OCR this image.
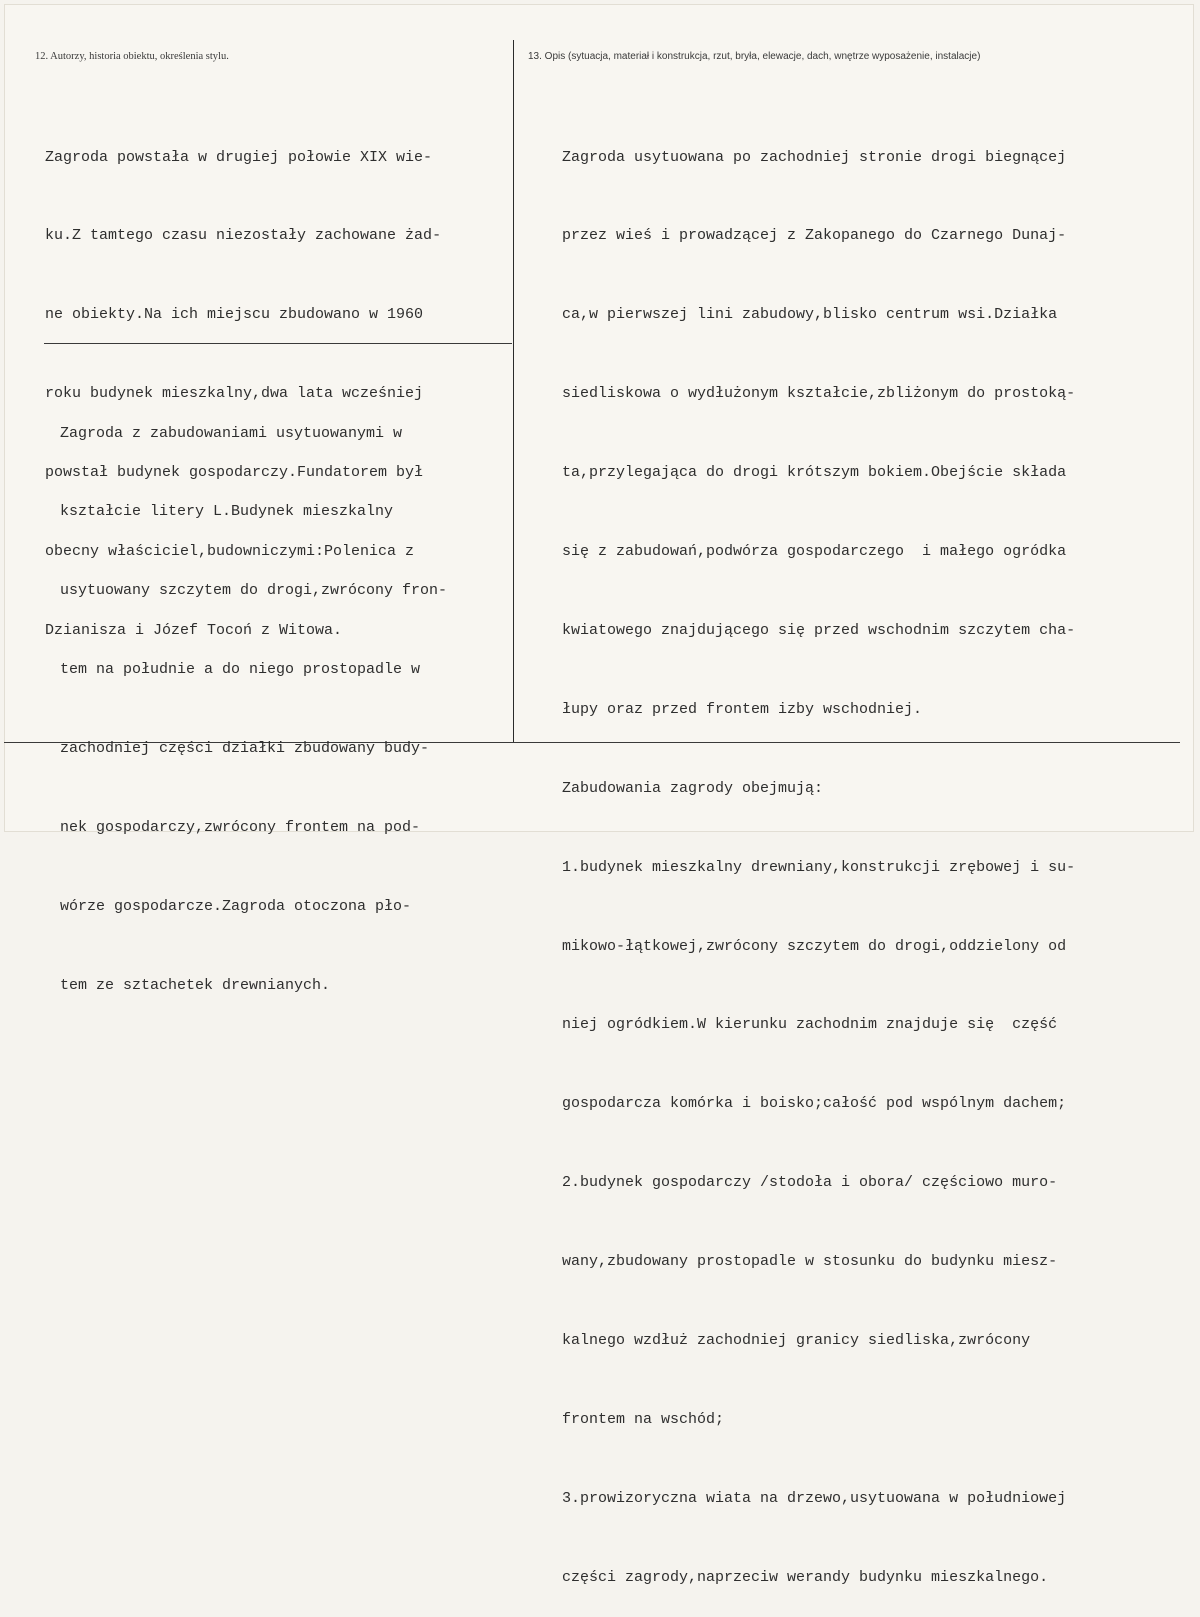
12. Autorzy, historia obiektu, określenia stylu.	13. Opis (sytuacja, materiał i konstrukcja, rzut, bryła, elewacje, dach, wnętrze wyposażenie, instalacje)

Zagroda powstała w drugiej połowie XIX wie-

ku.Z tamtego czasu niezostały zachowane żad-

ne obiekty.Na ich miejscu zbudowano w 1960

roku budynek mieszkalny,dwa lata wcześniej

powstał budynek gospodarczy.Fundatorem był

obecny właściciel,budowniczymi:Polenica z

Dzianisza i Józef Tocoń z Witowa.

Zagroda z zabudowaniami usytuowanymi w

kształcie litery L.Budynek mieszkalny

usytuowany szczytem do drogi,zwrócony fron-

tem na południe a do niego prostopadle w

zachodniej części działki zbudowany budy-

nek gospodarczy,zwrócony frontem na pod-

wórze gospodarcze.Zagroda otoczona pło-

tem ze sztachetek drewnianych.

Zagroda usytuowana po zachodniej stronie drogi biegnącej

przez wieś i prowadzącej z Zakopanego do Czarnego Dunaj-

ca,w pierwszej lini zabudowy,blisko centrum wsi.Działka

siedliskowa o wydłużonym kształcie,zbliżonym do prostoką-

ta,przylegająca do drogi krótszym bokiem.Obejście składa

się z zabudowań,podwórza gospodarczego  i małego ogródka

kwiatowego znajdującego się przed wschodnim szczytem cha-

łupy oraz przed frontem izby wschodniej.

Zabudowania zagrody obejmują:

1.budynek mieszkalny drewniany,konstrukcji zrębowej i su-

mikowo-łątkowej,zwrócony szczytem do drogi,oddzielony od

niej ogródkiem.W kierunku zachodnim znajduje się  część

gospodarcza komórka i boisko;całość pod wspólnym dachem;

2.budynek gospodarczy /stodoła i obora/ częściowo muro-

wany,zbudowany prostopadle w stosunku do budynku miesz-

kalnego wzdłuż zachodniej granicy siedliska,zwrócony

frontem na wschód;

3.prowizoryczna wiata na drzewo,usytuowana w południowej

części zagrody,naprzeciw werandy budynku mieszkalnego.
